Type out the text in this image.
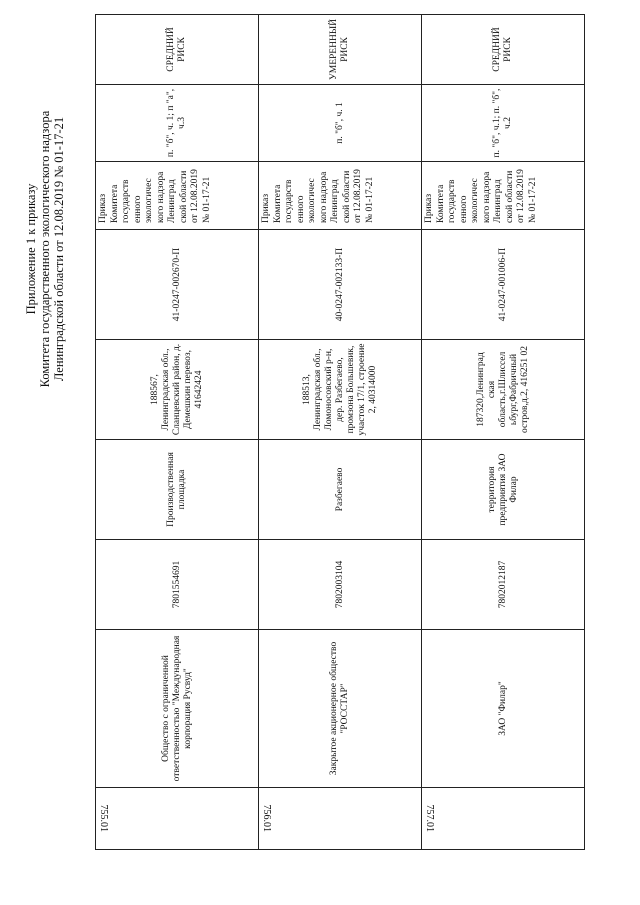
Приложение 1 к приказу Комитета государственного экологического надзора Ленинградской области от 12.08.2019 № 01-17-21
755.01	Общество с ограниченной ответственностью "Международная корпорация Русвуд"	7801554691	Производственная площадка	188567, Ленинградская обл., Сланцевский район, д. Демешкин перевоз, 41642424	41-0247-002670-П	Приказ Комитета государств енного экологичес кого надзора Ленинград ской области от 12.08.2019 № 01-17-21	п. "б", ч. 1; п "а", ч.3	СРЕДНИЙ РИСК
756.01	Закрытое акционерное общество "РОССТАР"	7802003104	Разбегаево	188513, Ленинградская обл., Ломоносовский р-н, дер. Разбегаево, промзона Большевик, участок 17/1, строение 2, 40314000	40-0247-002133-П	Приказ Комитета государств енного экологичес кого надзора Ленинград ской области от 12.08.2019 № 01-17-21	п. "б", ч. 1	УМЕРЕННЫЙ РИСК
757.01	ЗАО "Филар"	7802012187	территория предприятия ЗАО Филар	187320,Ленинград ская область,г.Шлиссел ьбург,Фабричный остров,д.2, 416251 02	41-0247-001006-П	Приказ Комитета государств енного экологичес кого надзора Ленинград ской области от 12.08.2019 № 01-17-21	п. "б", ч.1; п. "б", ч.2	СРЕДНИЙ РИСК
